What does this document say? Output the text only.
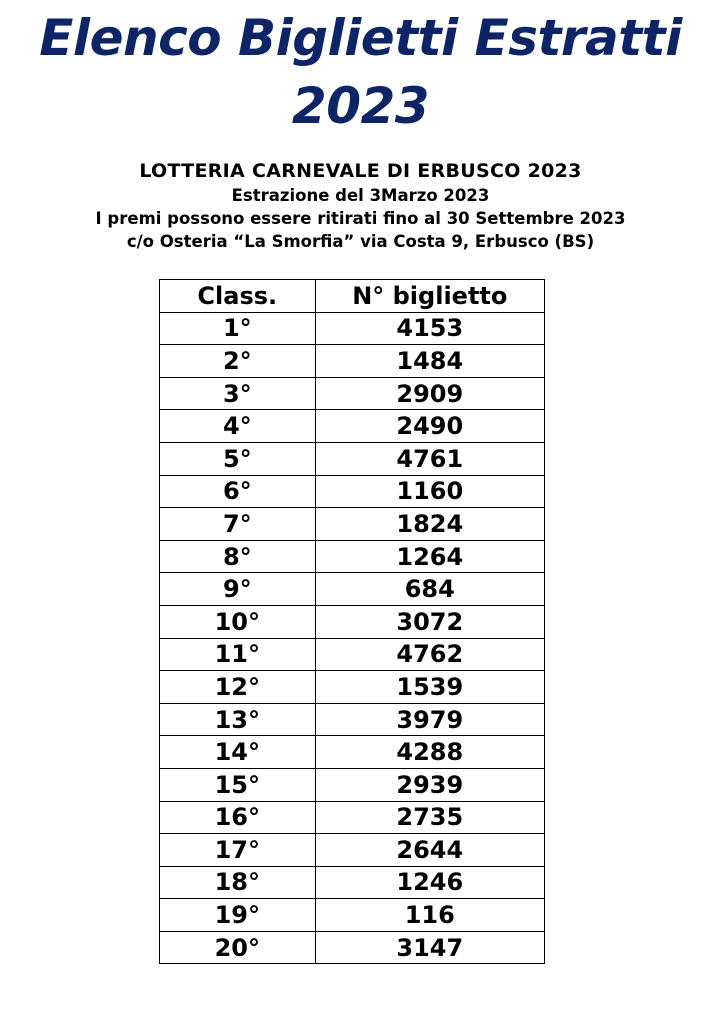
Elenco Biglietti Estratti
2023
LOTTERIA CARNEVALE DI ERBUSCO 2023
Estrazione del 3Marzo 2023
I premi possono essere ritirati fino al 30 Settembre 2023
c/o Osteria “La Smorfia” via Costa 9, Erbusco (BS)
Class.	N° biglietto
1°	4153
2°	1484
3°	2909
4°	2490
5°	4761
6°	1160
7°	1824
8°	1264
9°	684
10°	3072
11°	4762
12°	1539
13°	3979
14°	4288
15°	2939
16°	2735
17°	2644
18°	1246
19°	116
20°	3147
